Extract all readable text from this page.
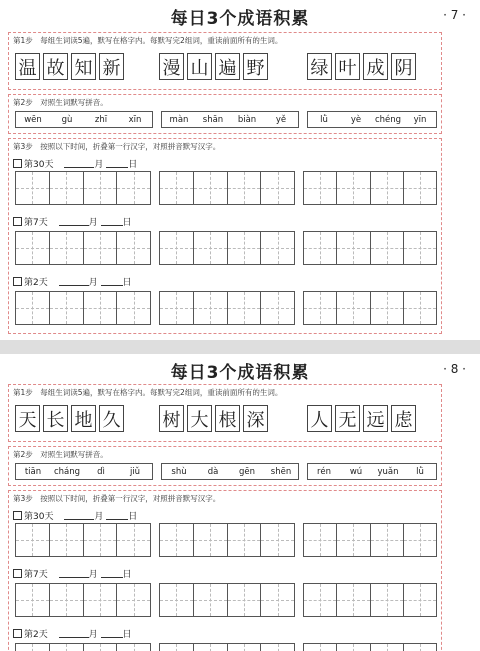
每日3个成语积累	· 7 ·
第1步　每组生词读5遍，默写在格字内。每默写完2组词，重读前面所有的生词。
温 故 知 新 漫 山 遍 野	绿 叶 成 阴
第2步　对照生词默写拼音。
wēn	gù	zhī	xīn	màn	shān	biàn	yě	lǜ	yè	chéng	yīn
第3步　按照以下时间，折叠第一行汉字，对照拼音默写汉字。
第30天	月	日
第7天	月	日
第2天	月	日
每日3个成语积累	· 8 ·
第1步　每组生词读5遍，默写在格字内。每默写完2组词，重读前面所有的生词。
天 长 地 久 树 大 根 深	人 无 远 虑
第2步　对照生词默写拼音。
tiān	cháng	dì	jiǔ	shù	dà	gēn	shēn	rén	wú	yuǎn	lǜ
第3步　按照以下时间，折叠第一行汉字，对照拼音默写汉字。
第30天	月	日
第7天	月	日
第2天	月	日
